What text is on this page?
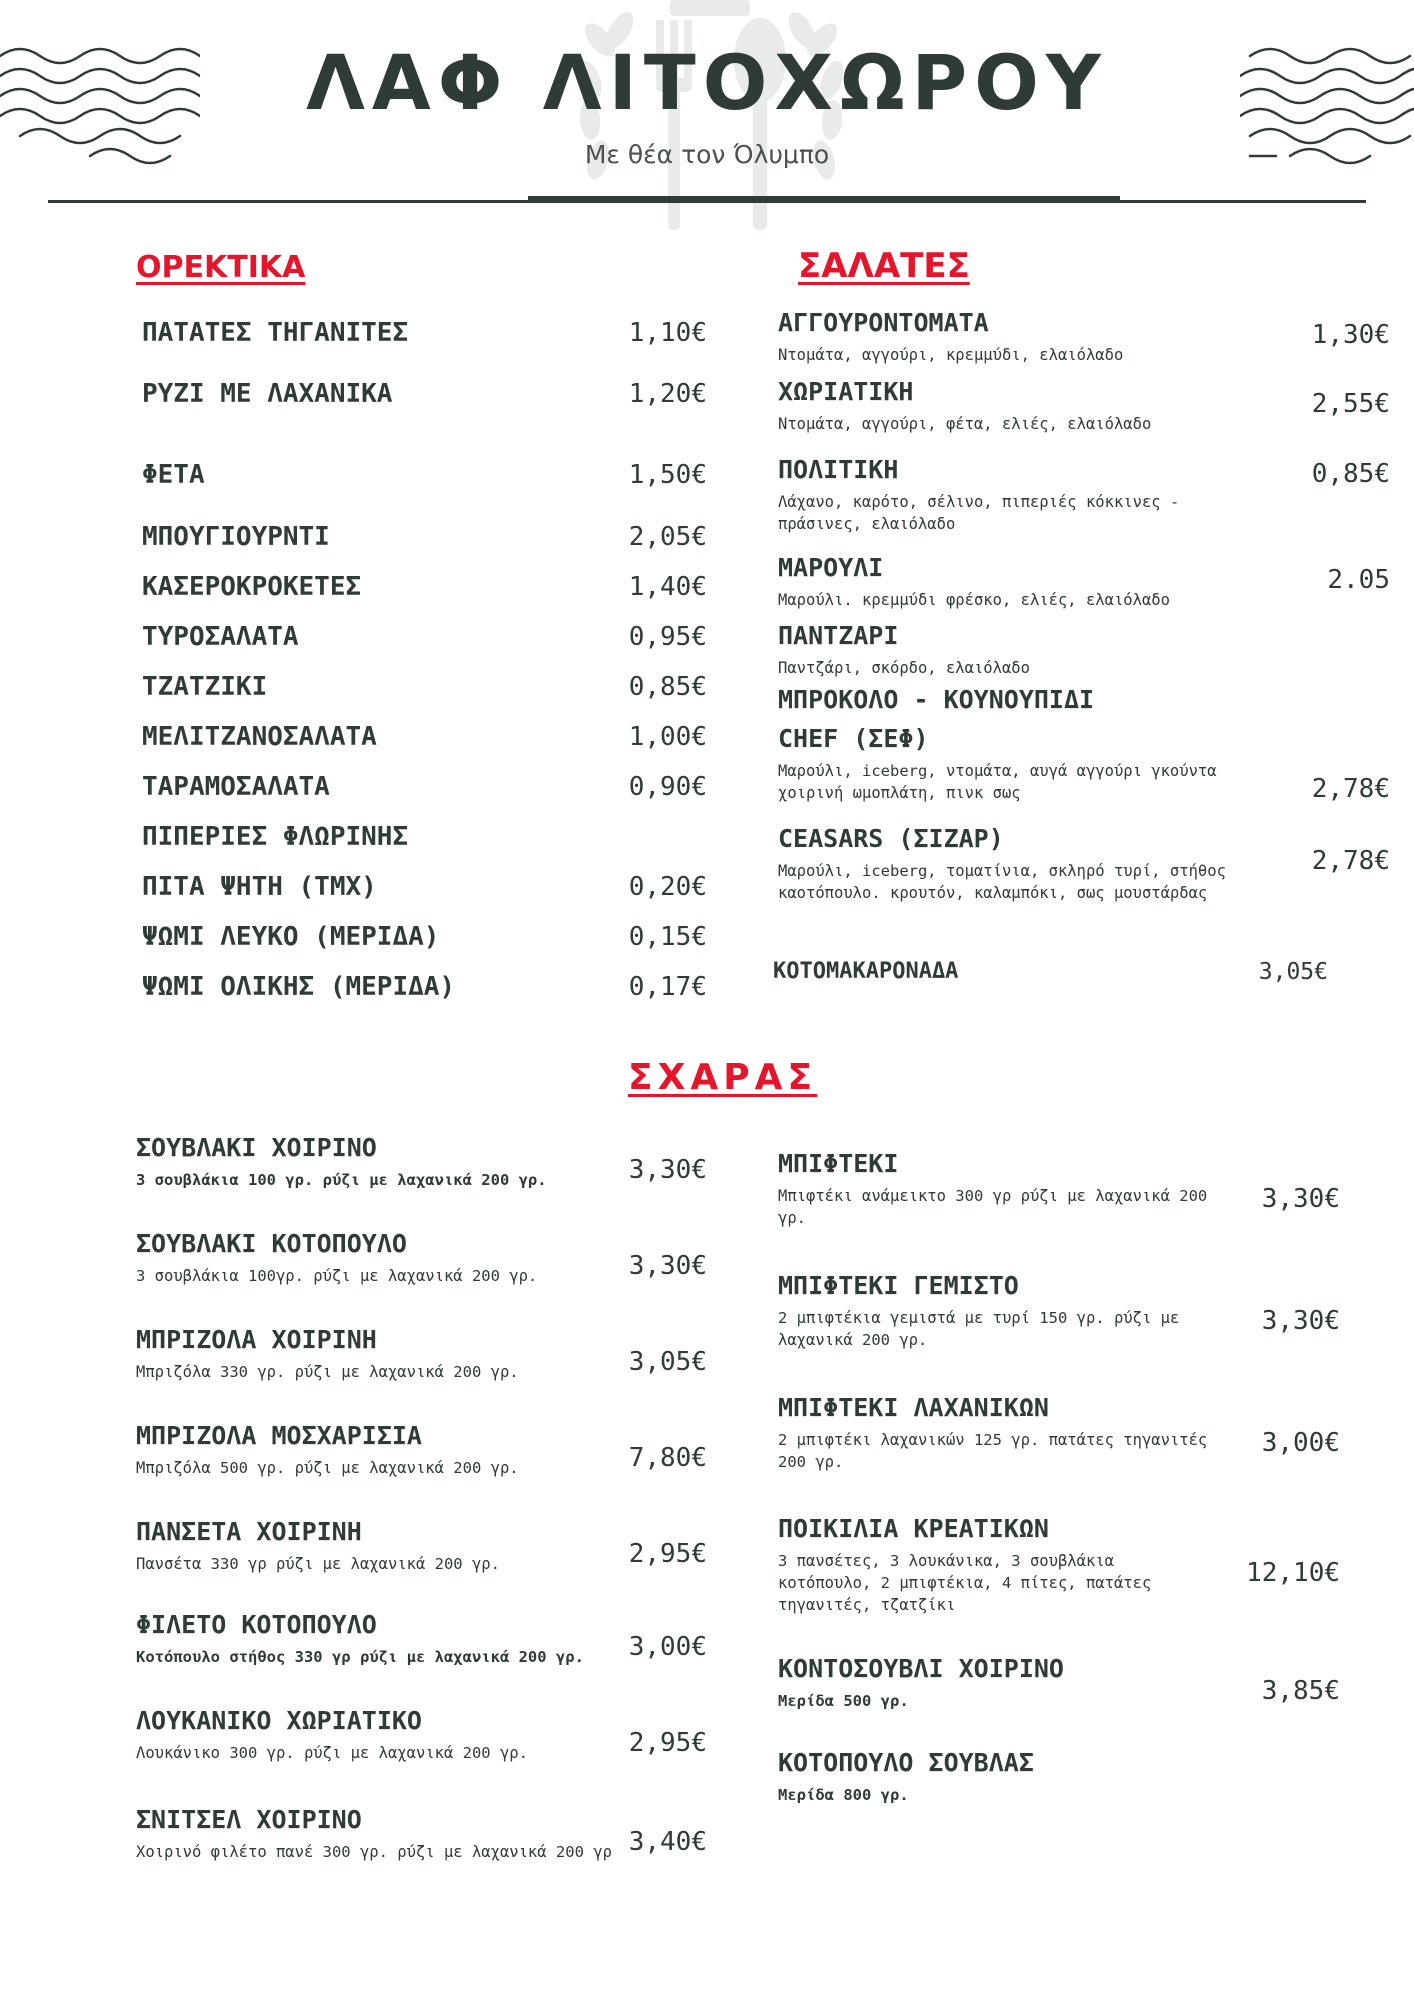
ΛΑΦ ΛΙΤΟΧΩΡΟΥ
Με θέα τον Όλυμπο
ΟΡΕΚΤΙΚΑ
ΠΑΤΑΤΕΣ ΤΗΓΑΝΙΤΕΣ	1,10€
ΡΥΖΙ ΜΕ ΛΑΧΑΝΙΚΑ	1,20€
ΦΕΤΑ	1,50€
ΜΠΟΥΓΙΟΥΡΝΤΙ	2,05€
ΚΑΣΕΡΟΚΡΟΚΕΤΕΣ	1,40€
ΤΥΡΟΣΑΛΑΤΑ	0,95€
ΤΖΑΤΖΙΚΙ	0,85€
ΜΕΛΙΤΖΑΝΟΣΑΛΑΤΑ	1,00€
ΤΑΡΑΜΟΣΑΛΑΤΑ	0,90€
ΠΙΠΕΡΙΕΣ ΦΛΩΡΙΝΗΣ
ΠΙΤΑ ΨΗΤΗ (ΤΜΧ)	0,20€
ΨΩΜΙ ΛΕΥΚΟ (ΜΕΡΙΔΑ)	0,15€
ΨΩΜΙ ΟΛΙΚΗΣ (ΜΕΡΙΔΑ)	0,17€
ΣΑΛΑΤΕΣ
ΑΓΓΟΥΡΟΝΤΟΜΑΤΑ
Ντομάτα, αγγούρι, κρεμμύδι, ελαιόλαδο
1,30€
ΧΩΡΙΑΤΙΚΗ
Ντομάτα, αγγούρι, φέτα, ελιές, ελαιόλαδο
2,55€
ΠΟΛΙΤΙΚΗ
Λάχανο, καρότο, σέλινο, πιπεριές κόκκινες - πράσινες, ελαιόλαδο
0,85€
ΜΑΡΟΥΛΙ
Μαρούλι. κρεμμύδι φρέσκο, ελιές, ελαιόλαδο
2.05
ΠΑΝΤΖΑΡΙ
Παντζάρι, σκόρδο, ελαιόλαδο
ΜΠΡΟΚΟΛΟ - ΚΟΥΝΟΥΠΙΔΙ
CHEF (ΣΕΦ)
Μαρούλι, iceberg, ντομάτα, αυγά αγγούρι γκούντα χοιρινή ωμοπλάτη, πινκ σως	2,78€
CEASARS (ΣΙΖΑΡ)
Μαρούλι, iceberg, τοματίνια, σκληρό τυρί, στήθος καοτόπουλο. κρουτόν, καλαμπόκι, σως μουστάρδας
2,78€
ΚΟΤΟΜΑΚΑΡΟΝΑΔΑ	3,05€
ΣΧΑΡΑΣ
ΣΟΥΒΛΑΚΙ ΧΟΙΡΙΝΟ
3 σουβλάκια 100 γρ. ρύζι με λαχανικά 200 γρ.	3,30€
ΣΟΥΒΛΑΚΙ ΚΟΤΟΠΟΥΛΟ
3 σουβλάκια 100γρ. ρύζι με λαχανικά 200 γρ.	3,30€
ΜΠΡΙΖΟΛΑ ΧΟΙΡΙΝΗ
Μπριζόλα 330 γρ. ρύζι με λαχανικά 200 γρ.	3,05€
ΜΠΡΙΖΟΛΑ ΜΟΣΧΑΡΙΣΙΑ
Μπριζόλα 500 γρ. ρύζι με λαχανικά 200 γρ.	7,80€
ΠΑΝΣΕΤΑ ΧΟΙΡΙΝΗ
Πανσέτα 330 γρ ρύζι με λαχανικά 200 γρ.	2,95€
ΦΙΛΕΤΟ ΚΟΤΟΠΟΥΛΟ
Κοτόπουλο στήθος 330 γρ ρύζι με λαχανικά 200 γρ.	3,00€
ΛΟΥΚΑΝΙΚΟ ΧΩΡΙΑΤΙΚΟ
Λουκάνικο 300 γρ. ρύζι με λαχανικά 200 γρ.	2,95€
ΣΝΙΤΣΕΛ ΧΟΙΡΙΝΟ
Χοιρινό φιλέτο πανέ 300 γρ. ρύζι με λαχανικά 200 γρ 3,40€
ΜΠΙΦΤΕΚΙ
Μπιφτέκι ανάμεικτο 300 γρ ρύζι με λαχανικά 200 γρ.
3,30€
ΜΠΙΦΤΕΚΙ ΓΕΜΙΣΤΟ
2 μπιφτέκια γεμιστά με τυρί 150 γρ. ρύζι με λαχανικά 200 γρ.
3,30€
ΜΠΙΦΤΕΚΙ ΛΑΧΑΝΙΚΩΝ
2 μπιφτέκι λαχανικών 125 γρ. πατάτες τηγανιτές 200 γρ.
3,00€
ΠΟΙΚΙΛΙΑ ΚΡΕΑΤΙΚΩΝ
3 πανσέτες, 3 λουκάνικα, 3 σουβλάκια κοτόπουλο, 2 μπιφτέκια, 4 πίτες, πατάτες τηγανιτές, τζατζίκι
12,10€
ΚΟΝΤΟΣΟΥΒΛΙ ΧΟΙΡΙΝΟ
Μερίδα 500 γρ.	3,85€
ΚΟΤΟΠΟΥΛΟ ΣΟΥΒΛΑΣ
Μερίδα 800 γρ.
